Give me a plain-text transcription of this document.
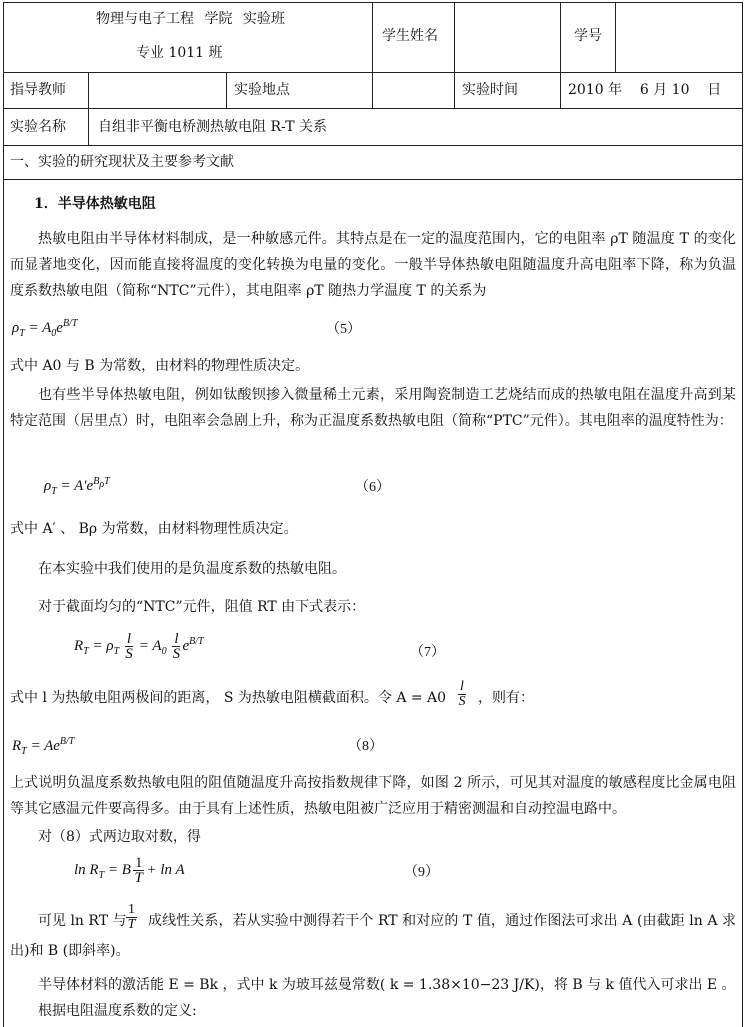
物理与电子工程 学院 实验班
专业 1011 班
学生姓名	学号
指导教师	实验地点	实验时间	2010 年    6 月 10    日
实验名称 自组非平衡电桥测热敏电阻 R-T 关系
一、实验的研究现状及主要参考文献
1．半导体热敏电阻
热敏电阻由半导体材料制成，是一种敏感元件。其特点是在一定的温度范围内，它的电阻率 ρT 随温度 T 的变化而显著地变化，因而能直接将温度的变化转换为电量的变化。一般半导体热敏电阻随温度升高电阻率下降，称为负温度系数热敏电阻（简称“NTC”元件），其电阻率 ρT 随热力学温度 T 的关系为
$\rho_T = A_0e^{B/T}$	（5）
式中 A0 与 B 为常数，由材料的物理性质决定。
也有些半导体热敏电阻，例如钛酸钡掺入微量稀土元素，采用陶瓷制造工艺烧结而成的热敏电阻在温度升高到某特定范围（居里点）时，电阻率会急剧上升，称为正温度系数热敏电阻（简称“PTC”元件）。其电阻率的温度特性为：
$\rho_T = A'e^{B_\rho T}$	（6）
式中 A′ 、 Bρ 为常数，由材料物理性质决定。
在本实验中我们使用的是负温度系数的热敏电阻。
对于截面均匀的“NTC”元件，阻值 RT 由下式表示：
$R_T = \rho_T \frac{l}{S} = A_0 \frac{l}{S} e^{B/T}$
（7）
式中 l 为热敏电阻两极间的距离， S 为热敏电阻横截面积。令 $A = A0 \frac{l}{S}$ ，则有：
$R_T = Ae^{B/T}$	（8）
上式说明负温度系数热敏电阻的阻值随温度升高按指数规律下降，如图 2 所示，可见其对温度的敏感程度比金属电阻等其它感温元件要高得多。由于具有上述性质，热敏电阻被广泛应用于精密测温和自动控温电路中。
对（8）式两边取对数，得
$\ln R_T = B \frac{1}{T} + \ln A$	（9）
可见 ln RT 与 $\frac{1}{T}$ 成线性关系，若从实验中测得若干个 RT 和对应的 T 值，通过作图法可求出 A (由截距 ln A 求出)和 B (即斜率)。
半导体材料的激活能 E = Bk ，式中 k 为玻耳兹曼常数( k = 1.38×10−23 J/K)，将 B 与 k 值代入可求出 E 。
根据电阻温度系数的定义:
